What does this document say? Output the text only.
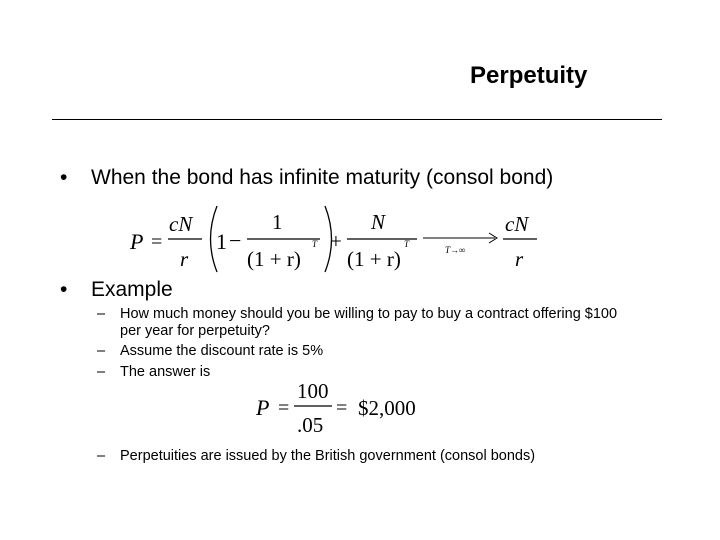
Perpetuity
• When the bond has infinite maturity (consol bond)
P =
cN
r
1 −
1
(1 + r)
T +
N
(1 + r)
T
T→∞
cN
r
• Example
– How much money should you be willing to pay to buy a contract offering $100 per year for perpetuity?
– Assume the discount rate is 5%
– The answer is
P =
100
.05
= $2,000
– Perpetuities are issued by the British government (consol bonds)
